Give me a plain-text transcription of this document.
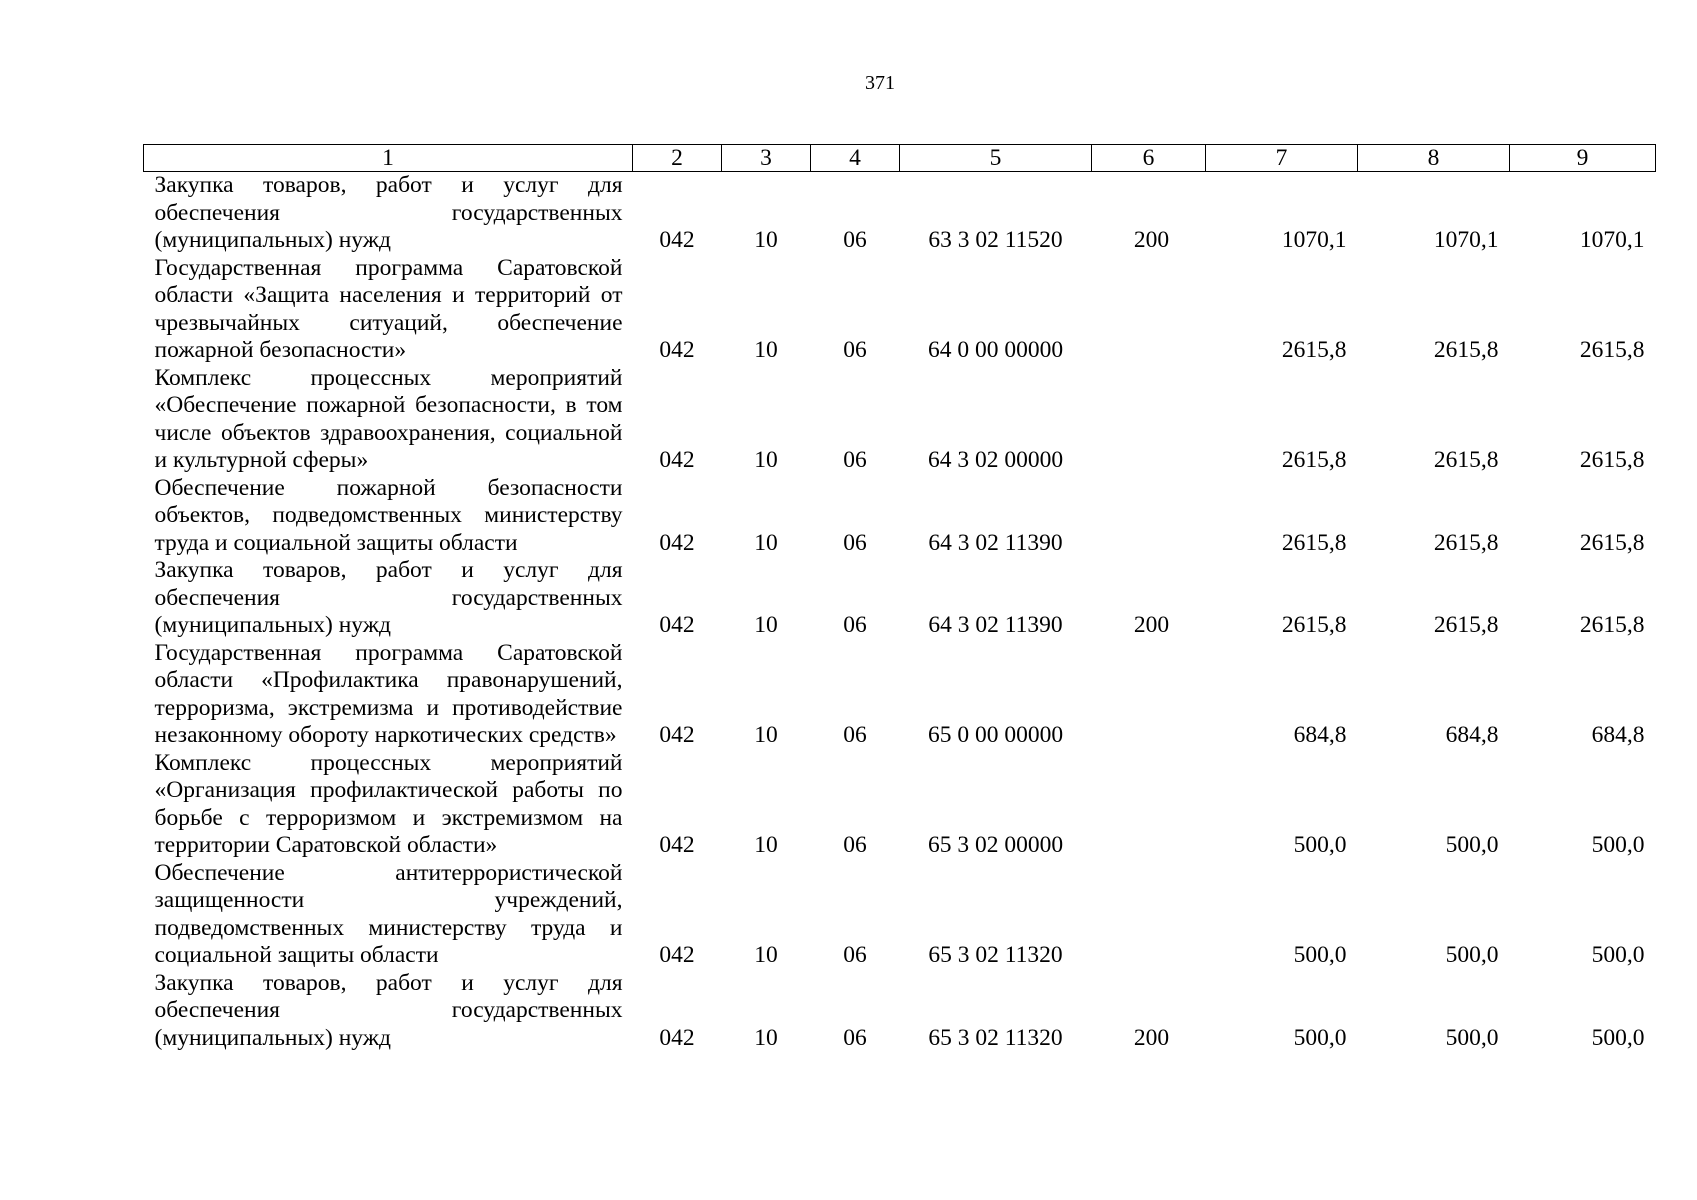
371
1	2	3	4	5	6	7	8	9
Закупка товаров, работ и услуг для обеспечения государственных (муниципальных) нужд	042	10	06	63 3 02 11520	200	1070,1	1070,1	1070,1
Государственная программа Саратовской области «Защита населения и территорий от чрезвычайных ситуаций, обеспечение пожарной безопасности»	042	10	06	64 0 00 00000		2615,8	2615,8	2615,8
Комплекс процессных мероприятий «Обеспечение пожарной безопасности, в том числе объектов здравоохранения, социальной и культурной сферы»	042	10	06	64 3 02 00000		2615,8	2615,8	2615,8
Обеспечение пожарной безопасности объектов, подведомственных министерству труда и социальной защиты области	042	10	06	64 3 02 11390		2615,8	2615,8	2615,8
Закупка товаров, работ и услуг для обеспечения государственных (муниципальных) нужд	042	10	06	64 3 02 11390	200	2615,8	2615,8	2615,8
Государственная программа Саратовской области «Профилактика правонарушений, терроризма, экстремизма и противодействие незаконному обороту наркотических средств»	042	10	06	65 0 00 00000		684,8	684,8	684,8
Комплекс процессных мероприятий «Организация профилактической работы по борьбе с терроризмом и экстремизмом на территории Саратовской области»	042	10	06	65 3 02 00000		500,0	500,0	500,0
Обеспечение антитеррористической защищенности учреждений, подведомственных министерству труда и социальной защиты области	042	10	06	65 3 02 11320		500,0	500,0	500,0
Закупка товаров, работ и услуг для обеспечения государственных (муниципальных) нужд	042	10	06	65 3 02 11320	200	500,0	500,0	500,0
